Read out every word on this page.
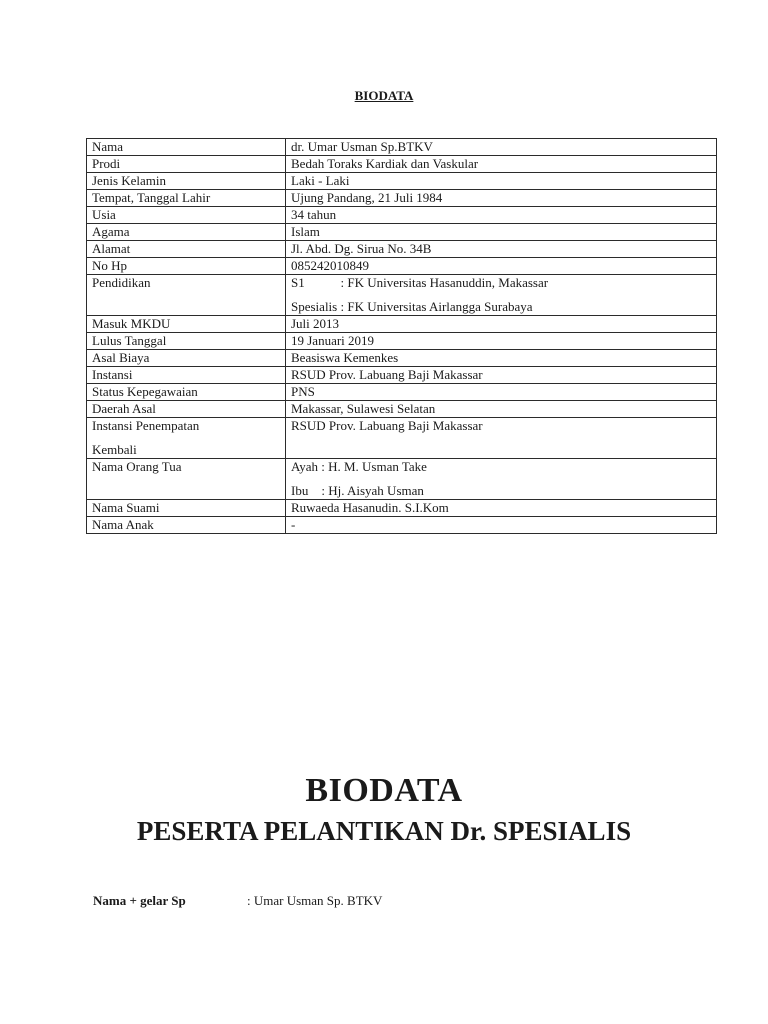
BIODATA
Nama	dr. Umar Usman Sp.BTKV
Prodi	Bedah Toraks Kardiak dan Vaskular
Jenis Kelamin	Laki - Laki
Tempat, Tanggal Lahir	Ujung Pandang, 21 Juli 1984
Usia	34 tahun
Agama	Islam
Alamat	Jl. Abd. Dg. Sirua No. 34B
No Hp	085242010849
Pendidikan	S1           : FK Universitas Hasanuddin, Makassar
Spesialis : FK Universitas Airlangga Surabaya

Masuk MKDU	Juli 2013
Lulus Tanggal	19 Januari 2019
Asal Biaya	Beasiswa Kemenkes
Instansi	RSUD Prov. Labuang Baji Makassar
Status Kepegawaian	PNS
Daerah Asal	Makassar, Sulawesi Selatan

Instansi Penempatan
Kembali	RSUD Prov. Labuang Baji Makassar
Nama Orang Tua	Ayah : H. M. Usman Take
Ibu    : Hj. Aisyah Usman

Nama Suami	Ruwaeda Hasanudin. S.I.Kom
Nama Anak	-
BIODATA
PESERTA PELANTIKAN Dr. SPESIALIS
Nama + gelar Sp	: Umar Usman Sp. BTKV
